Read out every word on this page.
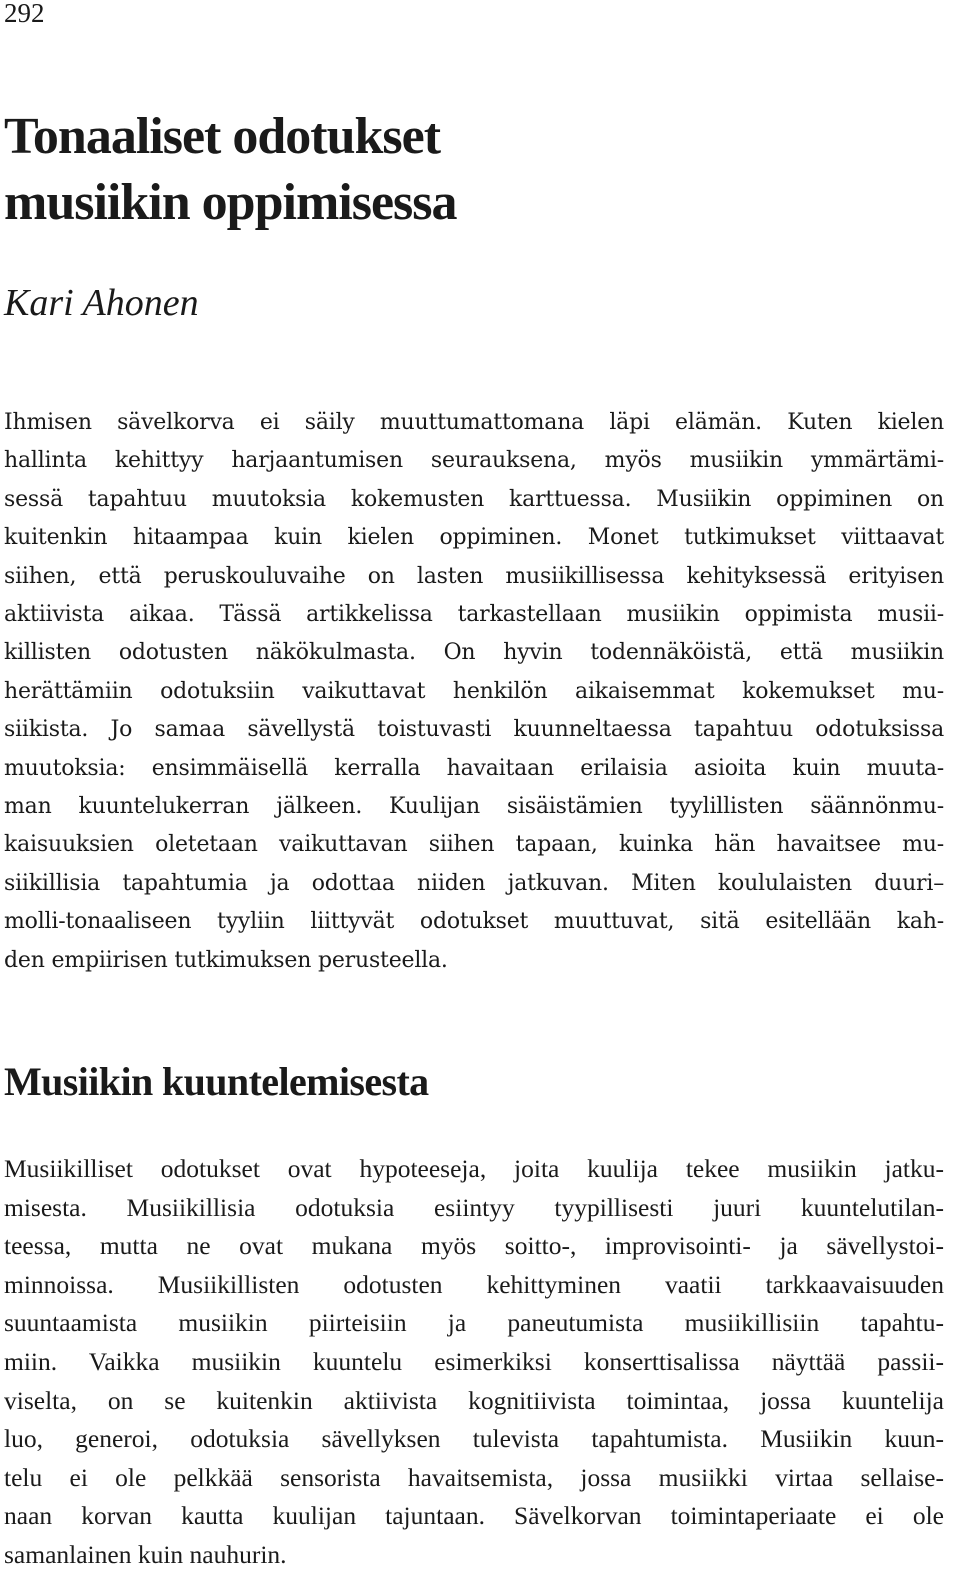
292
Tonaaliset odotukset
musiikin oppimisessa

Kari Ahonen

Ihmisen sävelkorva ei säily muuttumattomana läpi elämän. Kuten kielen
hallinta kehittyy harjaantumisen seurauksena, myös musiikin ymmärtämi-
sessä tapahtuu muutoksia kokemusten karttuessa. Musiikin oppiminen on
kuitenkin hitaampaa kuin kielen oppiminen. Monet tutkimukset viittaavat
siihen, että peruskouluvaihe on lasten musiikillisessa kehityksessä erityisen
aktiivista aikaa. Tässä artikkelissa tarkastellaan musiikin oppimista musii-
killisten odotusten näkökulmasta. On hyvin todennäköistä, että musiikin
herättämiin odotuksiin vaikuttavat henkilön aikaisemmat kokemukset mu-
siikista. Jo samaa sävellystä toistuvasti kuunneltaessa tapahtuu odotuksissa
muutoksia: ensimmäisellä kerralla havaitaan erilaisia asioita kuin muuta-
man kuuntelukerran jälkeen. Kuulijan sisäistämien tyylillisten säännönmu-
kaisuuksien oletetaan vaikuttavan siihen tapaan, kuinka hän havaitsee mu-
siikillisia tapahtumia ja odottaa niiden jatkuvan. Miten koululaisten duuri–
molli-tonaaliseen tyyliin liittyvät odotukset muuttuvat, sitä esitellään kah-
den empiirisen tutkimuksen perusteella.

Musiikin kuuntelemisesta

Musiikilliset odotukset ovat hypoteeseja, joita kuulija tekee musiikin jatku-
misesta. Musiikillisia odotuksia esiintyy tyypillisesti juuri kuuntelutilan-
teessa, mutta ne ovat mukana myös soitto-, improvisointi- ja sävellystoi-
minnoissa. Musiikillisten odotusten kehittyminen vaatii tarkkaavaisuuden
suuntaamista musiikin piirteisiin ja paneutumista musiikillisiin tapahtu-
miin. Vaikka musiikin kuuntelu esimerkiksi konserttisalissa näyttää passii-
viselta, on se kuitenkin aktiivista kognitiivista toimintaa, jossa kuuntelija
luo, generoi, odotuksia sävellyksen tulevista tapahtumista. Musiikin kuun-
telu ei ole pelkkää sensorista havaitsemista, jossa musiikki virtaa sellaise-
naan korvan kautta kuulijan tajuntaan. Sävelkorvan toimintaperiaate ei ole
samanlainen kuin nauhurin.
